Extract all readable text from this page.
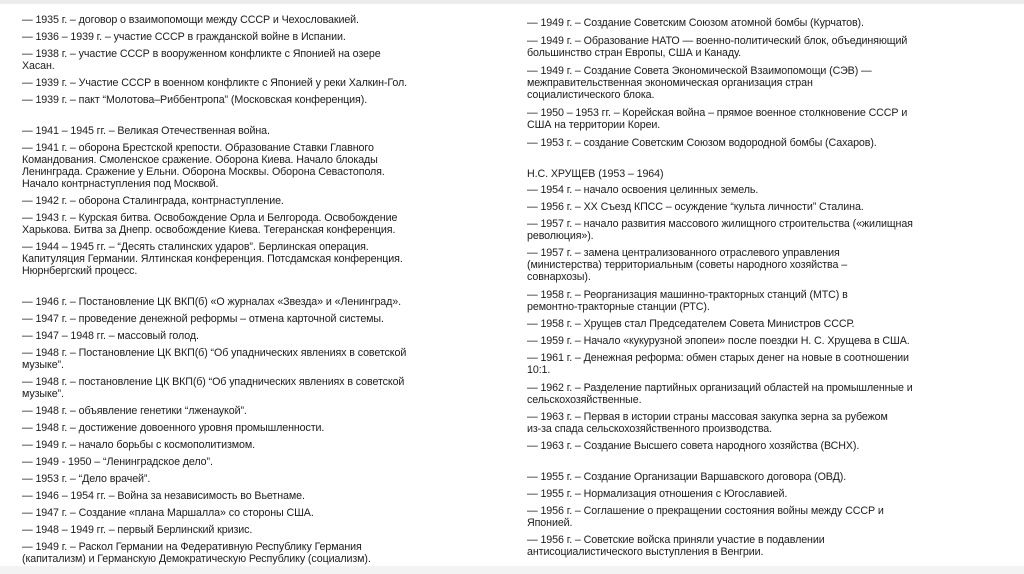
— 1935 г. – договор о взаимопомощи между СССР и Чехословакией.
— 1936 – 1939 г. – участие СССР в гражданской войне в Испании.
— 1938 г. – участие СССР в вооруженном конфликте с Японией на озере
Хасан.
— 1939 г. – Участие СССР в военном конфликте с Японией у реки Халкин-Гол.
— 1939 г. – пакт “Молотова–Риббентропа” (Московская конференция).
— 1941 – 1945 гг. – Великая Отечественная война.
— 1941 г. – оборона Брестской крепости. Образование Ставки Главного
Командования. Смоленское сражение. Оборона Киева. Начало блокады
Ленинграда. Сражение у Ельни. Оборона Москвы. Оборона Севастополя.
Начало контрнаступления под Москвой.
— 1942 г. – оборона Сталинграда, контрнаступление.
— 1943 г. – Курская битва. Освобождение Орла и Белгорода. Освобождение
Харькова. Битва за Днепр. освобождение Киева. Тегеранская конференция.
— 1944 – 1945 гг. – “Десять сталинских ударов”. Берлинская операция.
Капитуляция Германии. Ялтинская конференция. Потсдамская конференция.
Нюрнбергский процесс.
— 1946 г. – Постановление ЦК ВКП(б) «О журналах «Звезда» и «Ленинград».
— 1947 г. – проведение денежной реформы – отмена карточной системы.
— 1947 – 1948 гг. – массовый голод.
— 1948 г. – Постановление ЦК ВКП(б) “Об упаднических явлениях в советской
музыке”.
— 1948 г. – постановление ЦК ВКП(б) “Об упаднических явлениях в советской
музыке”.
— 1948 г. – объявление генетики “лженаукой”.
— 1948 г. – достижение довоенного уровня промышленности.
— 1949 г. – начало борьбы с космополитизмом.
— 1949 - 1950 – “Ленинградское дело”.
— 1953 г. – “Дело врачей”.
— 1946 – 1954 гг. – Война за независимость во Вьетнаме.
— 1947 г. – Создание «плана Маршалла» со стороны США.
— 1948 – 1949 гг. – первый Берлинский кризис.
— 1949 г. – Раскол Германии на Федеративную Республику Германия
(капитализм) и Германскую Демократическую Республику (социализм).
— 1949 г. – Создание Советским Союзом атомной бомбы (Курчатов).
— 1949 г. – Образование НАТО — военно-политический блок, объединяющий
большинство стран Европы, США и Канаду.
— 1949 г. – Создание Совета Экономической Взаимопомощи (СЭВ) —
межправительственная экономическая организация стран
социалистического блока.
— 1950 – 1953 гг. – Корейская война – прямое военное столкновение СССР и
США на территории Кореи.
— 1953 г. – создание Советским Союзом водородной бомбы (Сахаров).
Н.С. ХРУЩЕВ (1953 – 1964)
— 1954 г. – начало освоения целинных земель.
— 1956 г. – XX Съезд КПСС – осуждение “культа личности” Сталина.
— 1957 г. – начало развития массового жилищного строительства («жилищная
революция»).
— 1957 г. – замена централизованного отраслевого управления
(министерства) территориальным (советы народного хозяйства –
совнархозы).
— 1958 г. – Реорганизация машинно-тракторных станций (МТС) в
ремонтно-тракторные станции (РТС).
— 1958 г. – Хрущев стал Председателем Совета Министров СССР.
— 1959 г. – Начало «кукурузной эпопеи» после поездки Н. С. Хрущева в США.
— 1961 г. – Денежная реформа: обмен старых денег на новые в соотношении
10:1.
— 1962 г. – Разделение партийных организаций областей на промышленные и
сельскохозяйственные.
— 1963 г. – Первая в истории страны массовая закупка зерна за рубежом
из-за спада сельскохозяйственного производства.
— 1963 г. – Создание Высшего совета народного хозяйства (ВСНХ).
— 1955 г. – Создание Организации Варшавского договора (ОВД).
— 1955 г. – Нормализация отношения с Югославией.
— 1956 г. – Соглашение о прекращении состояния войны между СССР и
Японией.
— 1956 г. – Советские войска приняли участие в подавлении
антисоциалистического выступления в Венгрии.
